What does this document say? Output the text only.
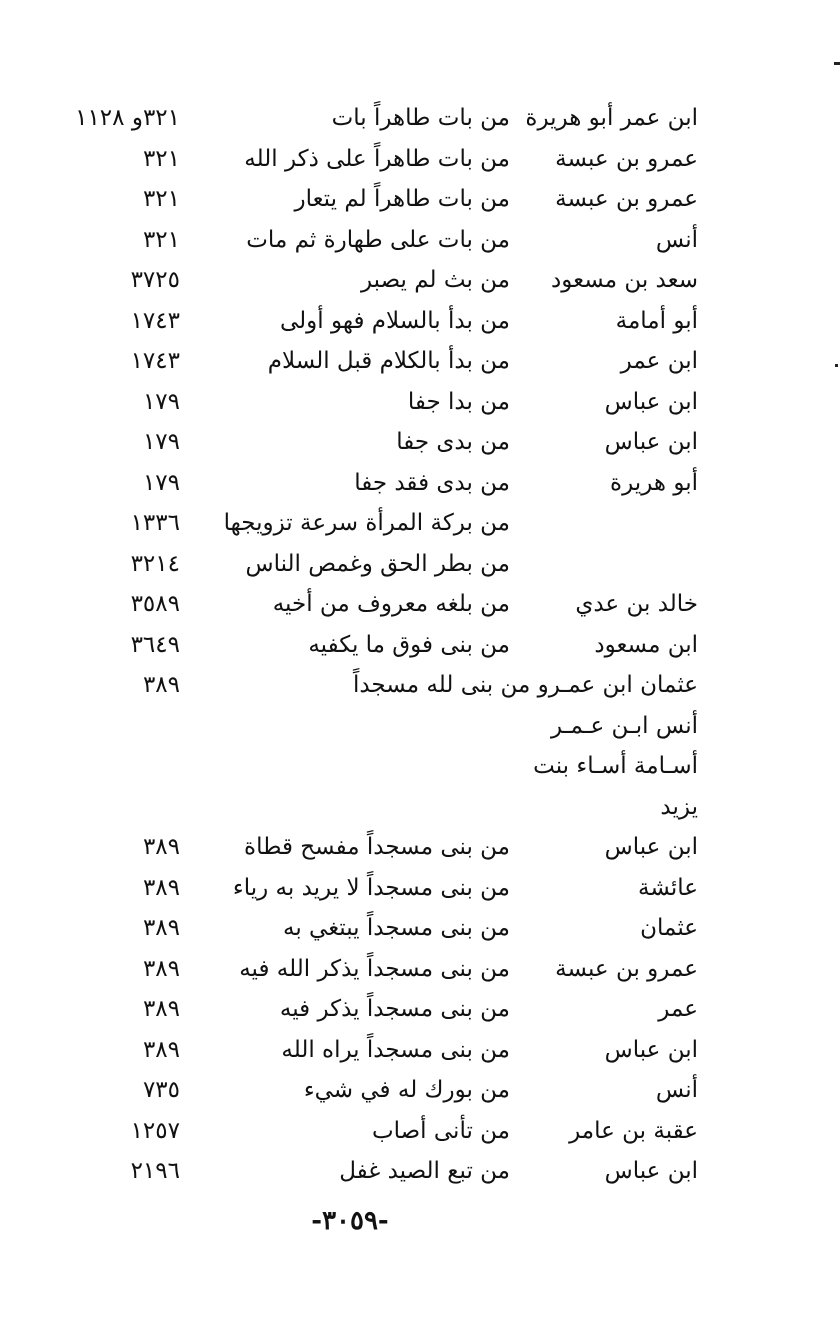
ابن عمر أبو هريرة
من بات طاهراً بات
٣٢١و ١١٢٨
عمرو بن عبسة
من بات طاهراً على ذكر الله
٣٢١
عمرو بن عبسة
من بات طاهراً لم يتعار
٣٢١
أنس
من بات على طهارة ثم مات
٣٢١
سعد بن مسعود
من بث لم يصبر
٣٧٢٥
أبو أمامة
من بدأ بالسلام فهو أولى
١٧٤٣
ابن عمر
من بدأ بالكلام قبل السلام
١٧٤٣
ابن عباس
من بدا جفا
١٧٩
ابن عباس
من بدى جفا
١٧٩
أبو هريرة
من بدى فقد جفا
١٧٩
من بركة المرأة سرعة تزويجها
١٣٣٦
من بطر الحق وغمص الناس
٣٢١٤
خالد بن عدي
من بلغه معروف من أخيه
٣٥٨٩
ابن مسعود
من بنى فوق ما يكفيه
٣٦٤٩
عثمان ابن عمـرو من بنى لله مسجداً
٣٨٩
أنس ابـن عـمـر
أسـامة أسـاء بنت
يزيد
ابن عباس
من بنى مسجداً مفسح قطاة
٣٨٩
عائشة
من بنى مسجداً لا يريد به رياء
٣٨٩
عثمان
من بنى مسجداً يبتغي به
٣٨٩
عمرو بن عبسة
من بنى مسجداً يذكر الله فيه
٣٨٩
عمر
من بنى مسجداً يذكر فيه
٣٨٩
ابن عباس
من بنى مسجداً يراه الله
٣٨٩
أنس
من بورك له في شيء
٧٣٥
عقبة بن عامر
من تأنى أصاب
١٢٥٧
ابن عباس
من تبع الصيد غفل
٢١٩٦
-٣٠٥٩-
